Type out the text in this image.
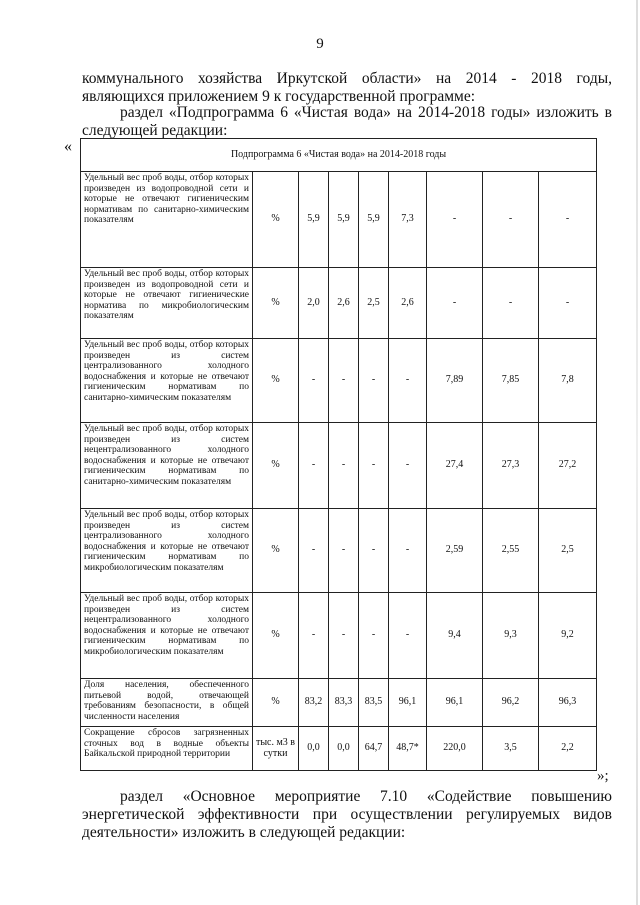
9
коммунального хозяйства Иркутской области» на 2014 - 2018 годы,
являющихся приложением 9 к государственной программе:
раздел «Подпрограмма 6 «Чистая вода» на 2014-2018 годы» изложить в
следующей редакции:
«	Подпрограмма 6 «Чистая вода» на 2014-2018 годы								
Удельный вес проб воды, отбор которых произведен из водопроводной сети и которые не отвечают гигиеническим нормативам по санитарно-химическим показателям	%	5,9	5,9	5,9	7,3	-	-	-
Удельный вес проб воды, отбор которых произведен из водопроводной сети и которые не отвечают гигиенические норматива по микробиологическим показателям	%	2,0	2,6	2,5	2,6	-	-	-
Удельный вес проб воды, отбор которых произведен из систем централизованного холодного водоснабжения и которые не отвечают гигиеническим нормативам по санитарно-химическим показателям	%	-	-	-	-	7,89	7,85	7,8
Удельный вес проб воды, отбор которых произведен из систем нецентрализованного холодного водоснабжения и которые не отвечают гигиеническим нормативам по санитарно-химическим показателям	%	-	-	-	-	27,4	27,3	27,2
Удельный вес проб воды, отбор которых произведен из систем централизованного холодного водоснабжения и которые не отвечают гигиеническим нормативам по микробиологическим показателям	%	-	-	-	-	2,59	2,55	2,5
Удельный вес проб воды, отбор которых произведен из систем нецентрализованного холодного водоснабжения и которые не отвечают гигиеническим нормативам по микробиологическим показателям	%	-	-	-	-	9,4	9,3	9,2
Доля населения, обеспеченного питьевой водой, отвечающей требованиям безопасности, в общей численности населения	%	83,2	83,3	83,5	96,1	96,1	96,2	96,3
Сокращение сбросов загрязненных сточных вод в водные объекты Байкальской природной территории	тыс. м3 в сутки	0,0	0,0	64,7	48,7*	220,0	3,5	2,2
»;
раздел «Основное мероприятие 7.10 «Содействие повышению
энергетической эффективности при осуществлении регулируемых видов
деятельности» изложить в следующей редакции:
